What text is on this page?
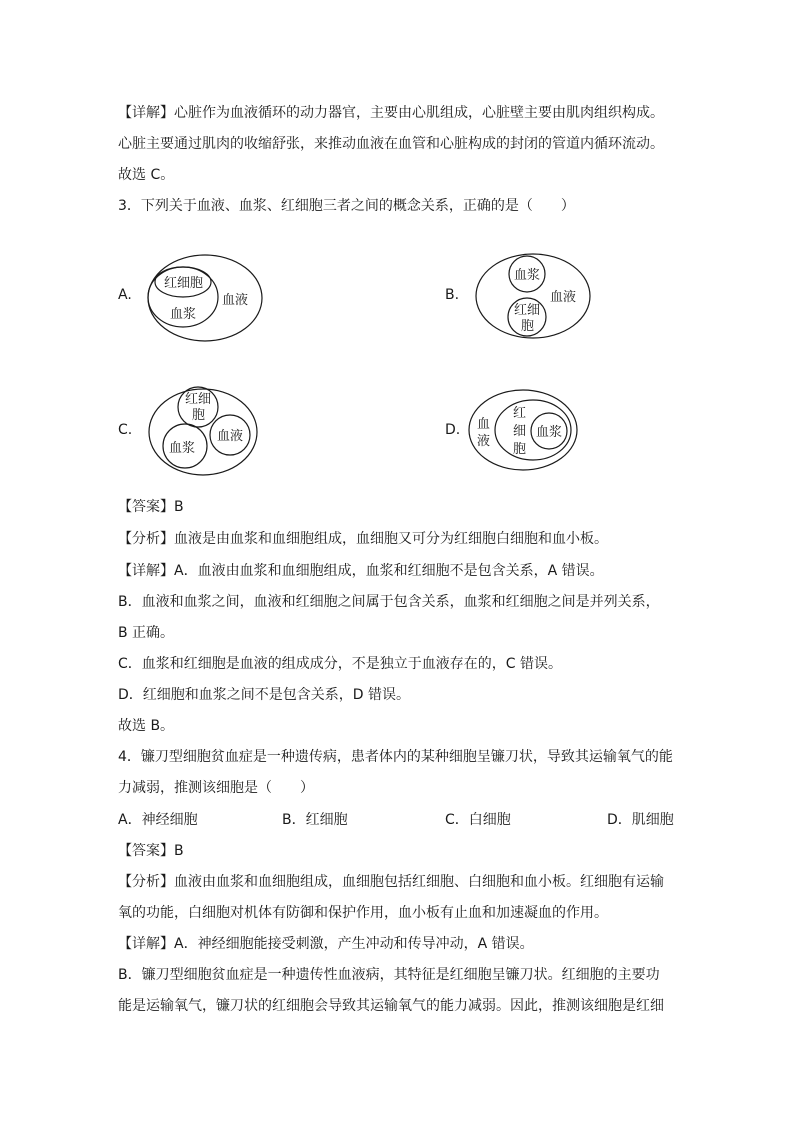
【详解】心脏作为血液循环的动力器官，主要由心肌组成，心脏壁主要由肌肉组织构成。
心脏主要通过肌肉的收缩舒张，来推动血液在血管和心脏构成的封闭的管道内循环流动。
故选 C。
3．下列关于血液、血浆、红细胞三者之间的概念关系，正确的是（　　）
A.
红细胞
血浆
血液	B.
血浆
红细
胞
血液
C.
红细
胞
血浆
血液	D. 血
液
红
细
胞
血浆
【答案】B
【分析】血液是由血浆和血细胞组成，血细胞又可分为红细胞白细胞和血小板。
【详解】A．血液由血浆和血细胞组成，血浆和红细胞不是包含关系，A 错误。
B．血液和血浆之间，血液和红细胞之间属于包含关系，血浆和红细胞之间是并列关系，
B 正确。
C．血浆和红细胞是血液的组成成分，不是独立于血液存在的，C 错误。
D．红细胞和血浆之间不是包含关系，D 错误。
故选 B。
4．镰刀型细胞贫血症是一种遗传病，患者体内的某种细胞呈镰刀状，导致其运输氧气的能
力减弱，推测该细胞是（　　）
A．神经细胞	B．红细胞	C．白细胞	D．肌细胞
【答案】B
【分析】血液由血浆和血细胞组成，血细胞包括红细胞、白细胞和血小板。红细胞有运输
氧的功能，白细胞对机体有防御和保护作用，血小板有止血和加速凝血的作用。
【详解】A．神经细胞能接受刺激，产生冲动和传导冲动，A 错误。
B．镰刀型细胞贫血症是一种遗传性血液病，其特征是红细胞呈镰刀状。红细胞的主要功
能是运输氧气，镰刀状的红细胞会导致其运输氧气的能力减弱。因此，推测该细胞是红细
